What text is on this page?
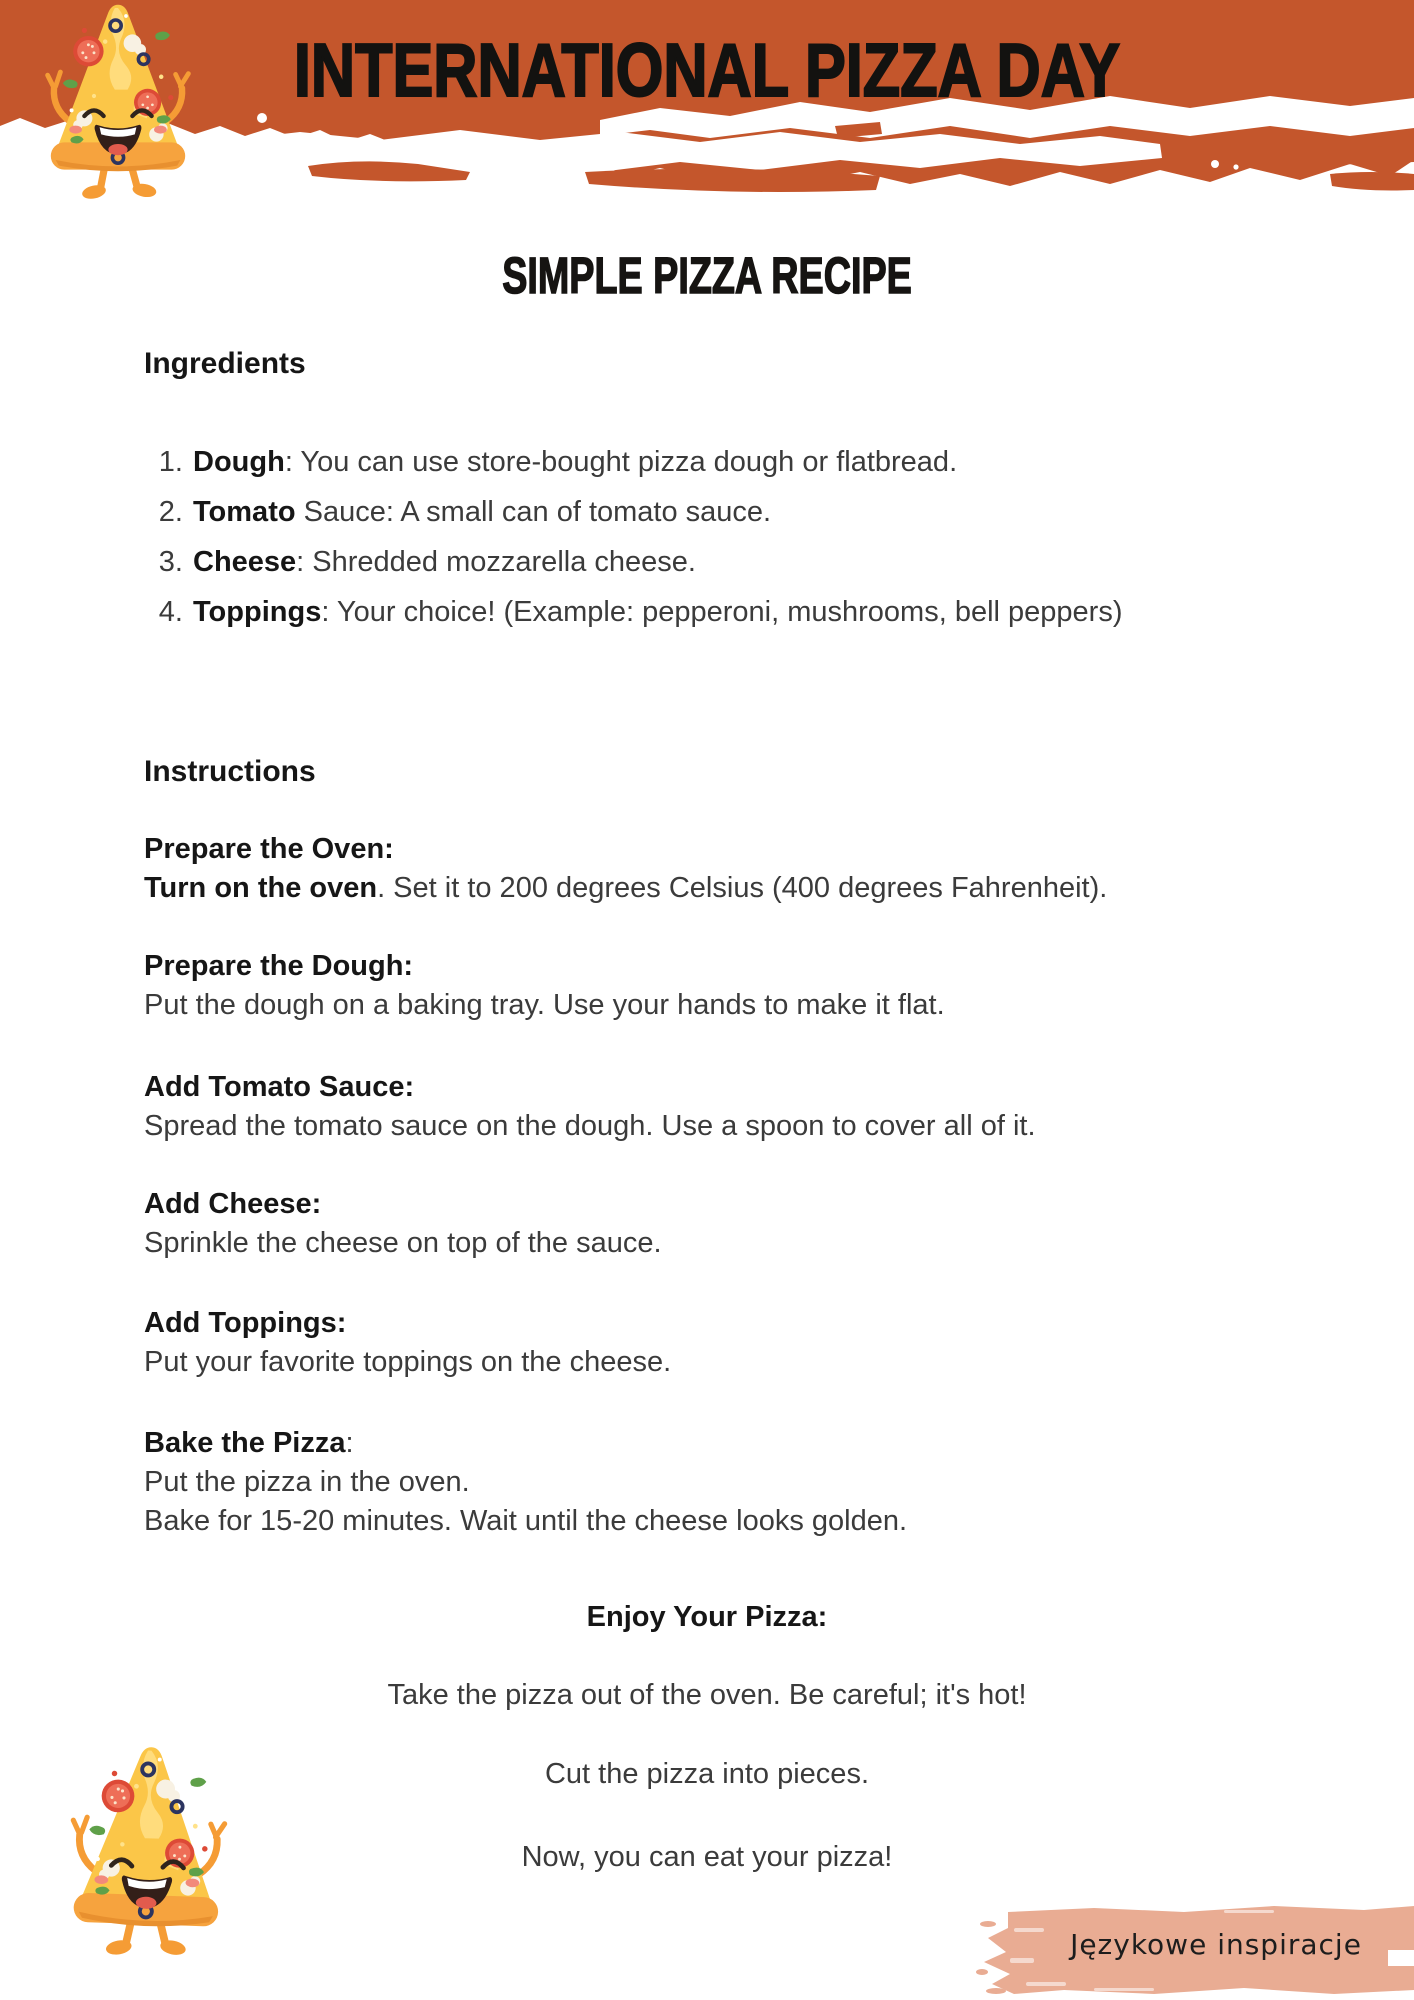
INTERNATIONAL PIZZA DAY
SIMPLE PIZZA RECIPE
Ingredients
1. Dough: You can use store-bought pizza dough or flatbread.
2. Tomato Sauce: A small can of tomato sauce.
3. Cheese: Shredded mozzarella cheese.
4. Toppings: Your choice! (Example: pepperoni, mushrooms, bell peppers)
Instructions

Prepare the Oven:

Turn on the oven. Set it to 200 degrees Celsius (400 degrees Fahrenheit).

Prepare the Dough:

Put the dough on a baking tray. Use your hands to make it flat.

Add Tomato Sauce:

Spread the tomato sauce on the dough. Use a spoon to cover all of it.

Add Cheese:

Sprinkle the cheese on top of the sauce.

Add Toppings:

Put your favorite toppings on the cheese.

Bake the Pizza:

Put the pizza in the oven.

Bake for 15-20 minutes. Wait until the cheese looks golden.

Enjoy Your Pizza:
Take the pizza out of the oven. Be careful; it's hot!
Cut the pizza into pieces.
Now, you can eat your pizza!
Językowe inspiracje
